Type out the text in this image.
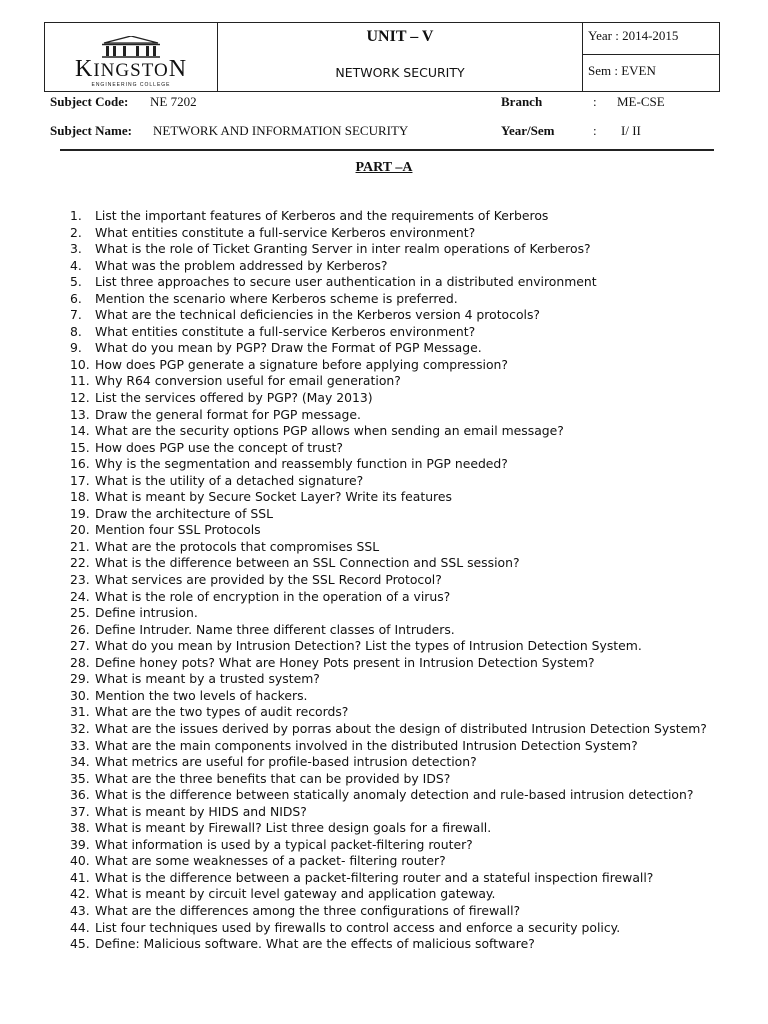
KINGSTON
ENGINEERING COLLEGE

UNIT – V
NETWORK SECURITY

Year : 2014-2015
Sem : EVEN
Subject Code: NE 7202	Branch	: ME-CSE
Subject Name: NETWORK AND INFORMATION SECURITY	Year/Sem	: I/ II
PART –A
1. List the important features of Kerberos and the requirements of Kerberos
2. What entities constitute a full-service Kerberos environment?
3. What is the role of Ticket Granting Server in inter realm operations of Kerberos?
4. What was the problem addressed by Kerberos?
5. List three approaches to secure user authentication in a distributed environment
6. Mention the scenario where Kerberos scheme is preferred.
7. What are the technical deficiencies in the Kerberos version 4 protocols?
8. What entities constitute a full-service Kerberos environment?
9. What do you mean by PGP? Draw the Format of PGP Message.
10. How does PGP generate a signature before applying compression?
11. Why R64 conversion useful for email generation?
12. List the services offered by PGP? (May 2013)
13. Draw the general format for PGP message.
14. What are the security options PGP allows when sending an email message?
15. How does PGP use the concept of trust?
16. Why is the segmentation and reassembly function in PGP needed?
17. What is the utility of a detached signature?
18. What is meant by Secure Socket Layer? Write its features
19. Draw the architecture of SSL
20. Mention four SSL Protocols
21. What are the protocols that compromises SSL
22. What is the difference between an SSL Connection and SSL session?
23. What services are provided by the SSL Record Protocol?
24. What is the role of encryption in the operation of a virus?
25. Define intrusion.
26. Define Intruder. Name three different classes of Intruders.
27. What do you mean by Intrusion Detection? List the types of Intrusion Detection System.
28. Define honey pots? What are Honey Pots present in Intrusion Detection System?
29. What is meant by a trusted system?
30. Mention the two levels of hackers.
31. What are the two types of audit records?
32. What are the issues derived by porras about the design of distributed Intrusion Detection System?
33. What are the main components involved in the distributed Intrusion Detection System?
34. What metrics are useful for profile-based intrusion detection?
35. What are the three benefits that can be provided by IDS?
36. What is the difference between statically anomaly detection and rule-based intrusion detection?
37. What is meant by HIDS and NIDS?
38. What is meant by Firewall? List three design goals for a firewall.
39. What information is used by a typical packet-filtering router?
40. What are some weaknesses of a packet- filtering router?
41. What is the difference between a packet-filtering router and a stateful inspection firewall?
42. What is meant by circuit level gateway and application gateway.
43. What are the differences among the three configurations of firewall?
44. List four techniques used by firewalls to control access and enforce a security policy.
45. Define: Malicious software. What are the effects of malicious software?
